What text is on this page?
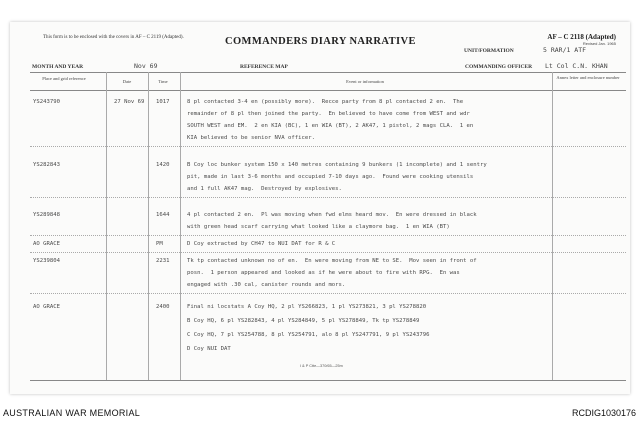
This form is to be enclosed with the covers in AF – C 2119 (Adapted).	AF – C 2118 (Adapted)
Revised Jan. 1965
COMMANDERS DIARY NARRATIVE
UNIT/FORMATION	5 RAR/1 ATF
MONTH AND YEAR	Nov 69	REFERENCE MAP	COMMANDING OFFICER Lt Col C.N. KHAN
Place and grid reference
Date	Time	Event or information
Annex letter and enclosure number
YS243790	27 Nov 69 1017	8 pl contacted 3-4 en (possibly more).  Recce party from 8 pl contacted 2 en.  The
remainder of 8 pl then joined the party.  En believed to have come from WEST and wdr
SOUTH WEST and EM.  2 en KIA (BC), 1 en WIA (BT), 2 AK47, 1 pistol, 2 mags CLA.  1 en
KIA believed to be senior NVA officer.
YS282843	1420	B Coy loc bunker system 150 x 140 metres containing 9 bunkers (1 incomplete) and 1 sentry
pit, made in last 3-6 months and occupied 7-10 days ago.  Found were cooking utensils
and 1 full AK47 mag.  Destroyed by explosives.
YS289848	1644	4 pl contacted 2 en.  Pl was moving when fwd elms heard mov.  En were dressed in black
with green head scarf carrying what looked like a claymore bag.  1 en WIA (BT)
AO GRACE	PM	D Coy extracted by CH47 to NUI DAT for R & C
YS239804	2231	Tk tp contacted unknown no of en.  En were moving from NE to SE.  Mov seen in front of
posn.  1 person appeared and looked as if he were about to fire with RPG.  En was
engaged with .30 cal, canister rounds and mors.
AO GRACE	2400	Final ni locstats A Coy HQ, 2 pl YS266823, 1 pl YS273821, 3 pl YS278820
B Coy HQ, 6 pl YS282843, 4 pl YS284849, 5 pl YS278849, Tk tp YS278849
C Coy HQ, 7 pl YS254788, 8 pl YS254791, alo 8 pl YS247791, 9 pl YS243796
D Coy NUI DAT
I & P Ctte—370/65—25m
AUSTRALIAN WAR MEMORIAL	RCDIG1030176
